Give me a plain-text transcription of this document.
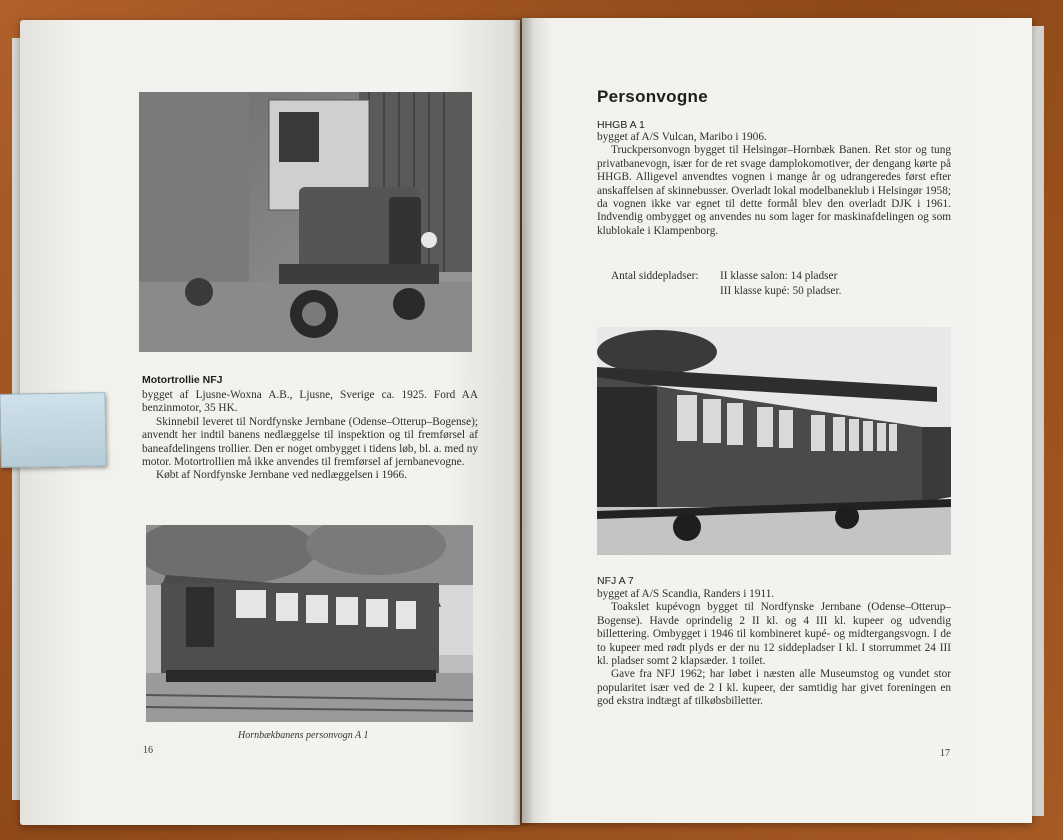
Motortrollie NFJ

bygget af Ljusne-Woxna A.B., Ljusne, Sverige ca. 1925. Ford AA benzinmotor, 35 HK.

Skinnebil leveret til Nordfynske Jernbane (Odense–Otterup–Bogense); anvendt her indtil banens nedlæggelse til inspektion og til fremførsel af baneafdelingens trollier. Den er noget ombygget i tidens løb, bl. a. med ny motor. Motortrollien må ikke anvendes til fremførsel af jernbanevogne.

Købt af Nordfynske Jernbane ved nedlæggelsen i 1966.

Hornbækbanens personvogn A 1
16
Personvogne
HHGB A 1

bygget af A/S Vulcan, Maribo i 1906.

Truckpersonvogn bygget til Helsingør–Hornbæk Banen. Ret stor og tung privatbanevogn, især for de ret svage damplokomotiver, der dengang kørte på HHGB. Alligevel anvendtes vognen i mange år og udrangeredes først efter anskaffelsen af skinnebusser. Overladt lokal modelbaneklub i Helsingør 1958; da vognen ikke var egnet til dette formål blev den overladt DJK i 1961. Indvendig ombygget og anvendes nu som lager for maskinafdelingen og som klublokale i Klampenborg.

Antal siddepladser: II klasse salon: 14 pladser
III klasse kupé: 50 pladser.
NFJ A 7

bygget af A/S Scandia, Randers i 1911.

Toakslet kupévogn bygget til Nordfynske Jernbane (Odense–Otterup–Bogense). Havde oprindelig 2 II kl. og 4 III kl. kupeer og udvendig billettering. Ombygget i 1946 til kombineret kupé- og midtergangsvogn. I de to kupeer med rødt plyds er der nu 12 siddepladser I kl. I storrummet 24 III kl. pladser somt 2 klapsæder. 1 toilet.

Gave fra NFJ 1962; har løbet i næsten alle Museumstog og vundet stor popularitet især ved de 2 I kl. kupeer, der samtidig har givet foreningen en god ekstra indtægt af tilkøbsbilletter.

17
